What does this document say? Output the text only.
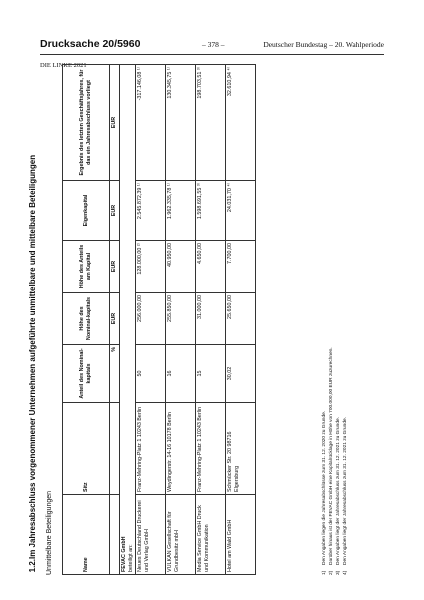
Drucksache 20/5960	– 378 –	Deutscher Bundestag – 20. Wahlperiode
DIE LINKE 2021
1.2.Im Jahresabschluss vorgenommener Unternehmen aufgeführte unmittelbare und mittelbare Beteiligungen Unmittelbare Beteiligungen	Name	Sitz	Anteil des Nominal-kapitals	Höhe des Nominal-kapitals	Höhe des Anteils am Kapital	Eigenkapital	Ergebnis des letzten Geschäftsjahres, für das ein Jahresabschluss vorliegt
		%	EUR	EUR	EUR	EUR

FEVAC GmbH beteiligt an:						

Neues Deutschland Druckerei und Verlag GmbH	Franz-Mehring-Platz 1 10243 Berlin	50	256.000,00	128.000,00 ²⁾	2.545.872,39 ¹⁾	-317.146,08 ¹⁾
VULKAN Gesellschaft für Grundbesitz mbH	Weydingerstr. 14-16 10178 Berlin	16	255.850,00	40.950,00	1.962.335,78 ¹⁾	130.345,75 ¹⁾
Media Service GmbH Druck und Kommunikation	Franz-Mehring-Platz 1 10243 Berlin	15	31.000,00	4.650,00	1.598.691,55 ³⁾	198.703,51 ³⁾
Hotel am Wald GmbH	Schmücker Str. 20 98716 Elgersburg	30,02	25.650,00	7.700,00	24.031,70 ⁴⁾	32.610,94 ⁴⁾
1)Den Angaben liegen die Jahresabschlüsse zum 31. 12. 2020 zu Grunde.
2)Darüber hinaus ist der FEVAC GmbH eine Kapitalrücklage in Höhe von 700.000,00 EUR zuzurechnen.
3)Den Angaben liegt der Jahresabschluss zum 31. 12. 2021 zu Grunde.
4)Den Angaben liegt der Jahresabschluss zum 31. 12. 2021 zu Grunde.
